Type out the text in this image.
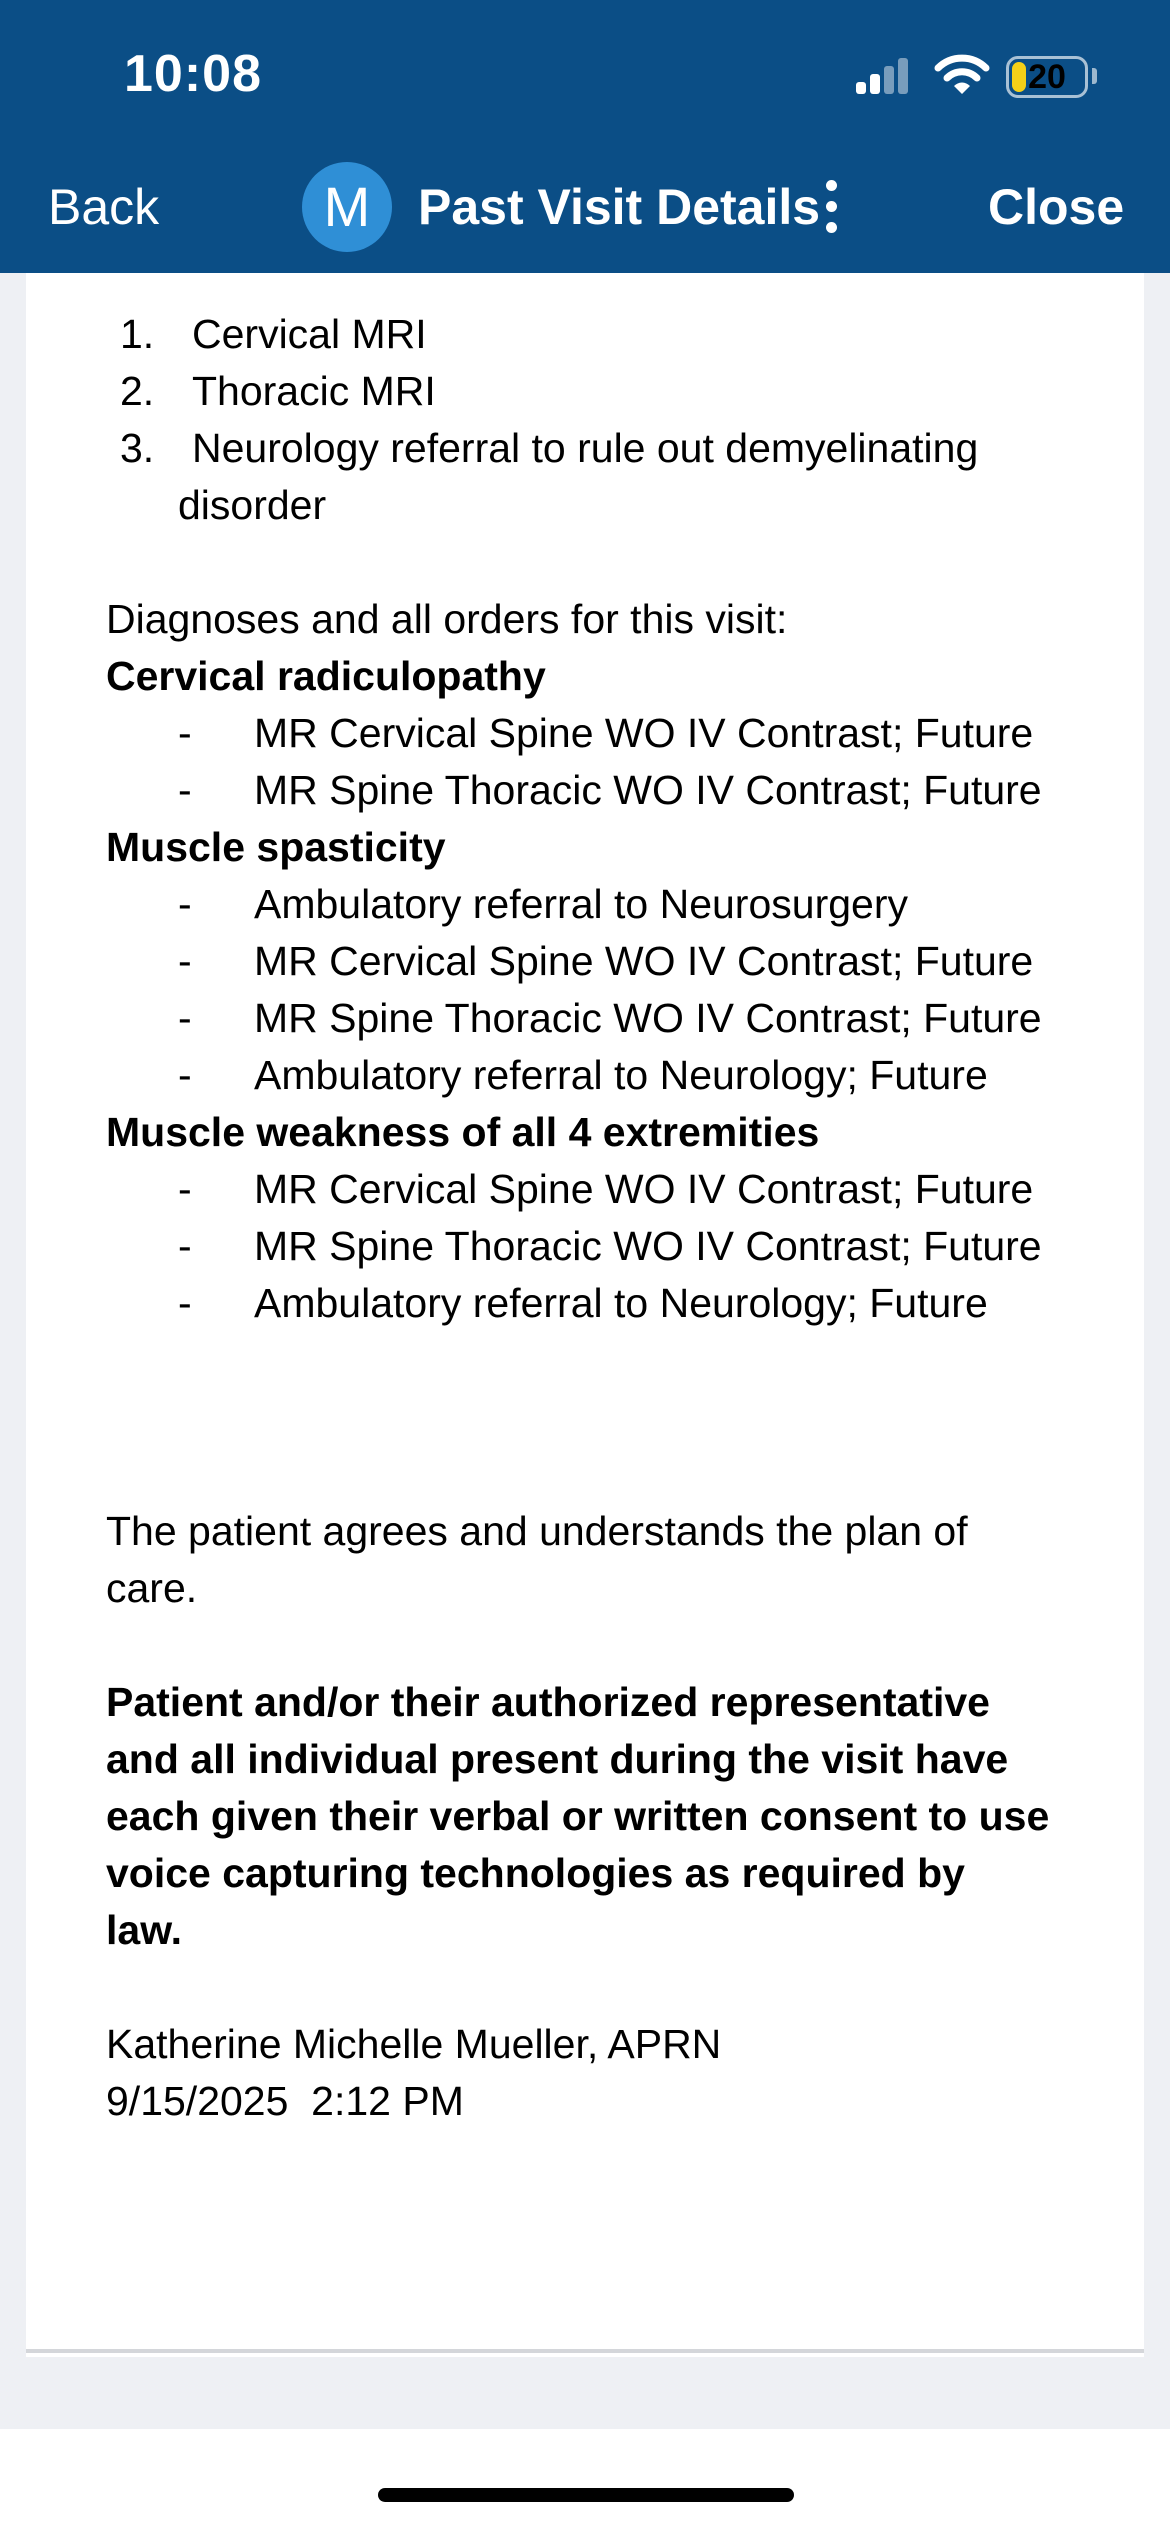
10:08	20
Back	M Past Visit Details	Close
1. Cervical MRI
2. Thoracic MRI
3. Neurology referral to rule out demyelinating
disorder
Diagnoses and all orders for this visit:
Cervical radiculopathy
- MR Cervical Spine WO IV Contrast; Future
- MR Spine Thoracic WO IV Contrast; Future
Muscle spasticity
- Ambulatory referral to Neurosurgery
- MR Cervical Spine WO IV Contrast; Future
- MR Spine Thoracic WO IV Contrast; Future
- Ambulatory referral to Neurology; Future
Muscle weakness of all 4 extremities
- MR Cervical Spine WO IV Contrast; Future
- MR Spine Thoracic WO IV Contrast; Future
- Ambulatory referral to Neurology; Future
The patient agrees and understands the plan of
care.
Patient and/or their authorized representative
and all individual present during the visit have
each given their verbal or written consent to use
voice capturing technologies as required by
law.
Katherine Michelle Mueller, APRN
9/15/2025  2:12 PM
